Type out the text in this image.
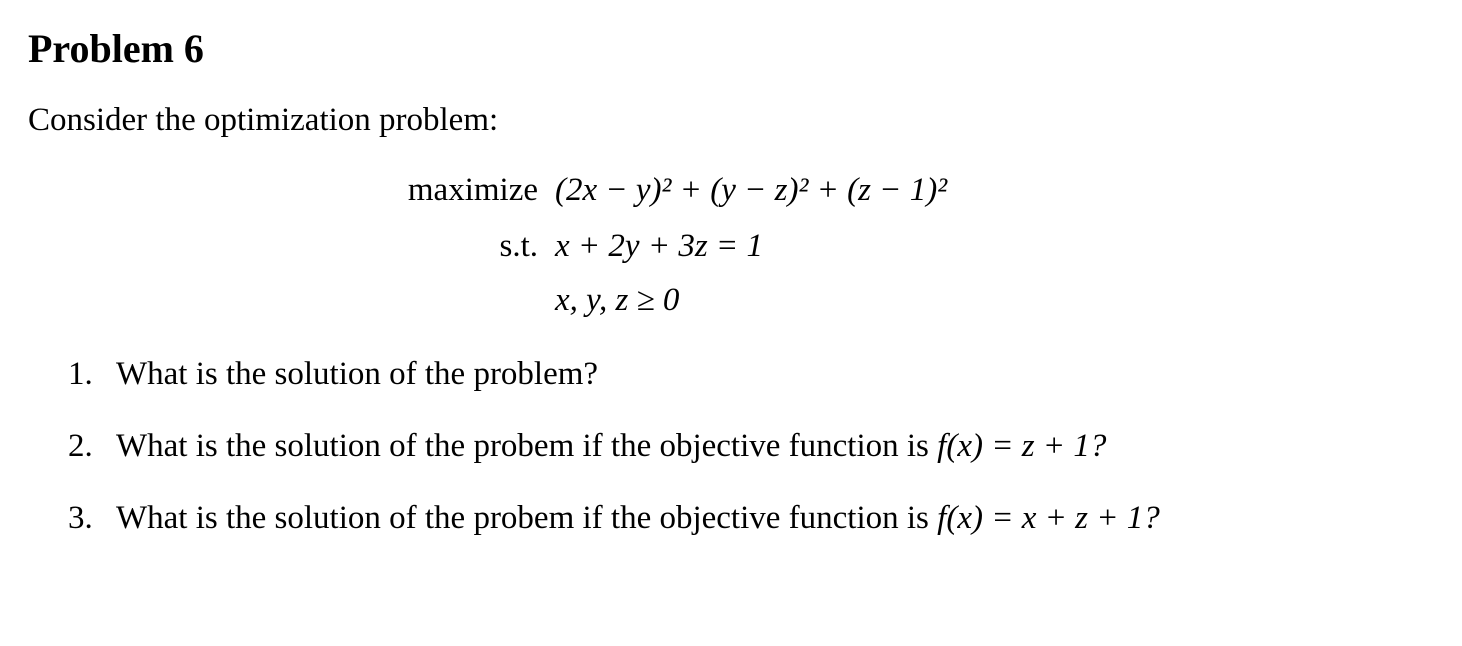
Problem 6
Consider the optimization problem:
maximize (2x − y)² + (y − z)² + (z − 1)²
s.t. x + 2y + 3z = 1
x, y, z ≥ 0
1. What is the solution of the problem?
2. What is the solution of the probem if the objective function is f(x) = z + 1?
3. What is the solution of the probem if the objective function is f(x) = x + z + 1?
